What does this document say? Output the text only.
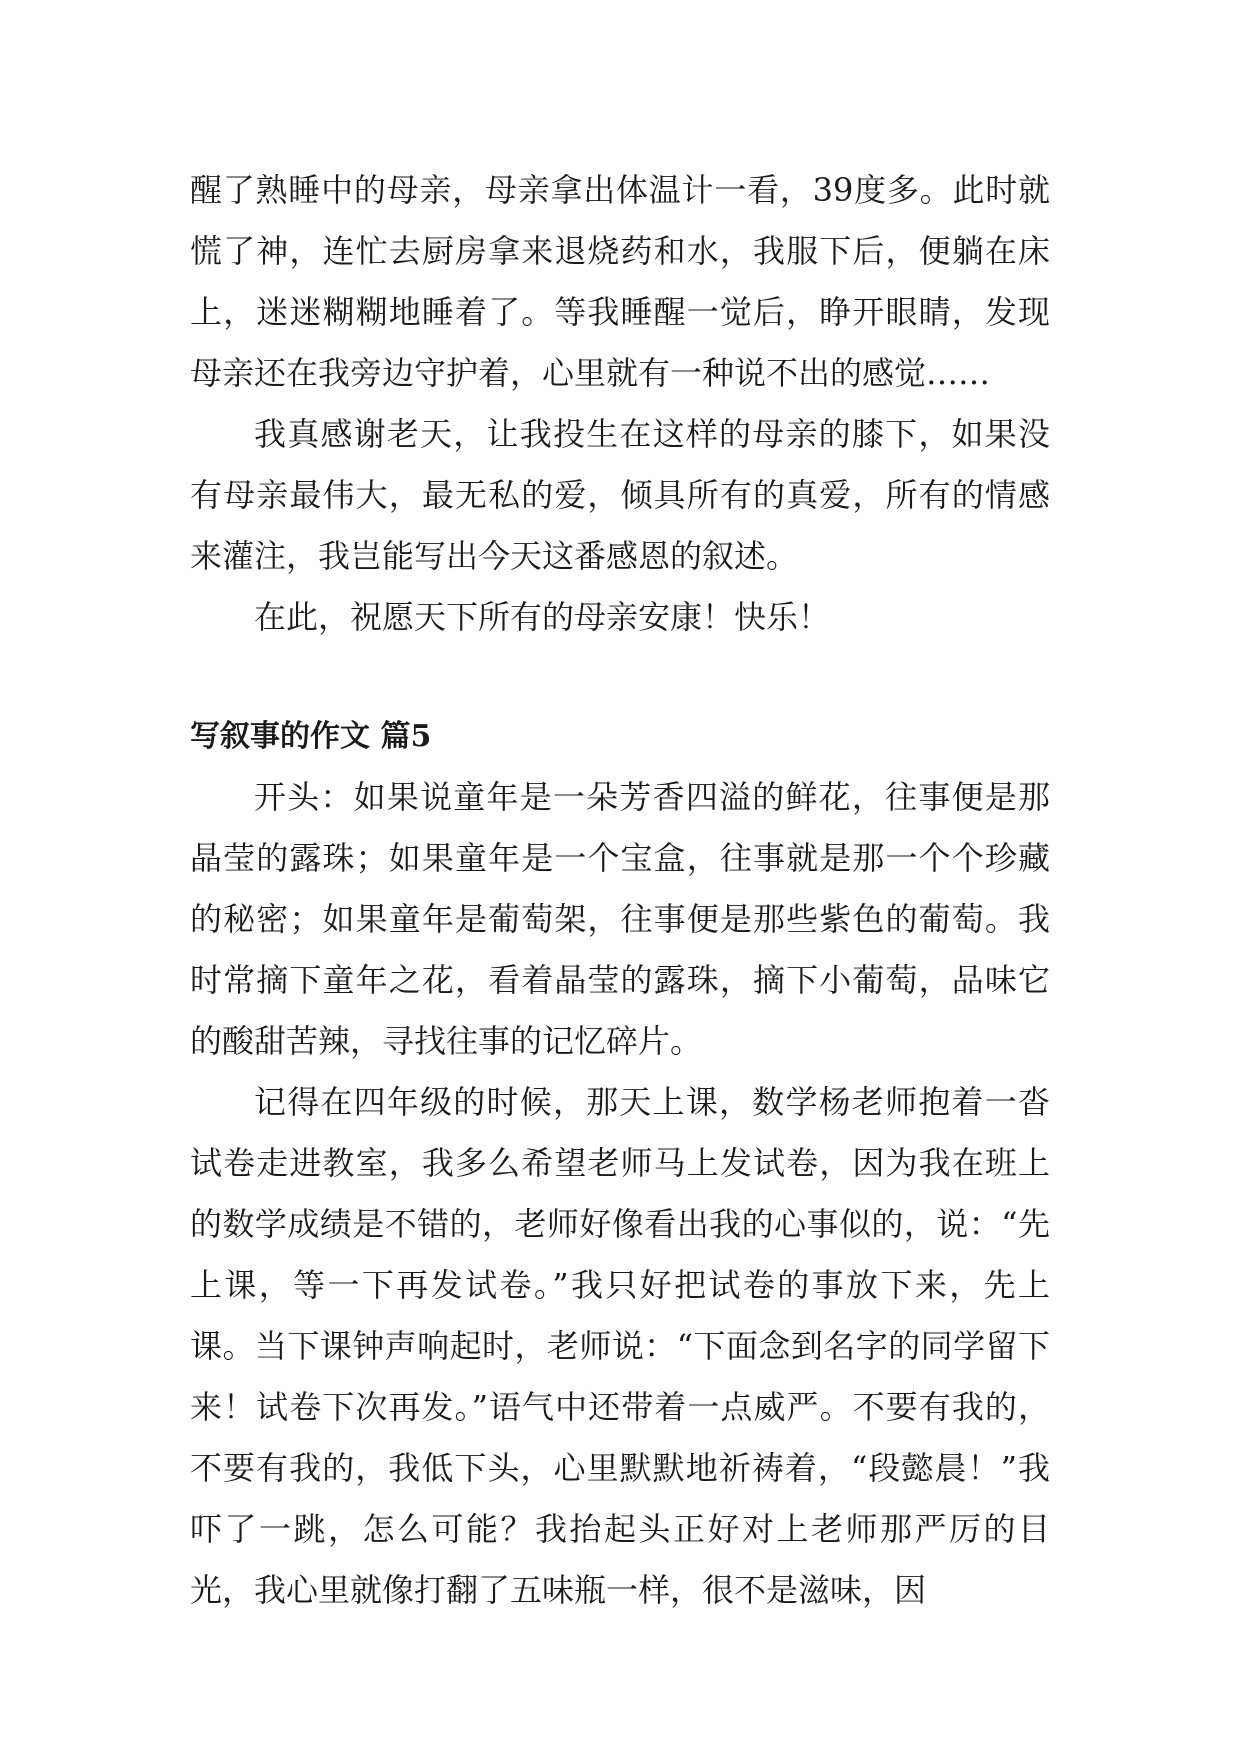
醒了熟睡中的母亲，母亲拿出体温计一看，39度多。此时就慌了神，连忙去厨房拿来退烧药和水，我服下后，便躺在床上，迷迷糊糊地睡着了。等我睡醒一觉后，睁开眼睛，发现母亲还在我旁边守护着，心里就有一种说不出的感觉……

我真感谢老天，让我投生在这样的母亲的膝下，如果没有母亲最伟大，最无私的爱，倾具所有的真爱，所有的情感来灌注，我岂能写出今天这番感恩的叙述。

在此，祝愿天下所有的母亲安康！快乐！

写叙事的作文 篇5

开头：如果说童年是一朵芳香四溢的鲜花，往事便是那晶莹的露珠；如果童年是一个宝盒，往事就是那一个个珍藏的秘密；如果童年是葡萄架，往事便是那些紫色的葡萄。我时常摘下童年之花，看着晶莹的露珠，摘下小葡萄，品味它的酸甜苦辣，寻找往事的记忆碎片。

记得在四年级的时候，那天上课，数学杨老师抱着一沓试卷走进教室，我多么希望老师马上发试卷，因为我在班上的数学成绩是不错的，老师好像看出我的心事似的，说：“先上课，等一下再发试卷。”我只好把试卷的事放下来，先上课。当下课钟声响起时，老师说：“下面念到名字的同学留下来！试卷下次再发。”语气中还带着一点威严。不要有我的，不要有我的，我低下头，心里默默地祈祷着，“段懿晨！”我吓了一跳，怎么可能？我抬起头正好对上老师那严厉的目光，我心里就像打翻了五味瓶一样，很不是滋味，因
